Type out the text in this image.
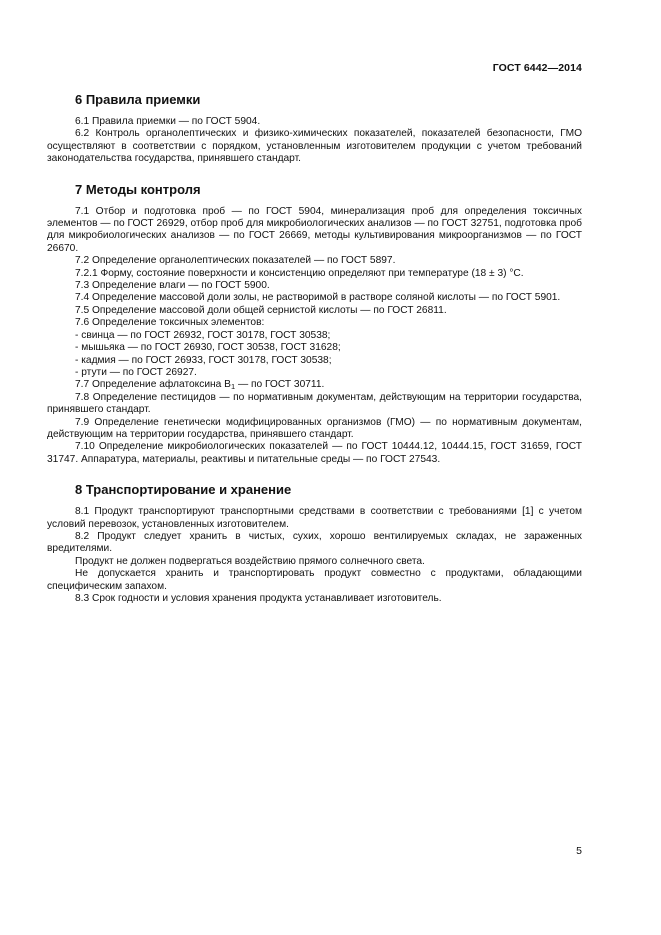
ГОСТ 6442—2014
6 Правила приемки

6.1 Правила приемки — по ГОСТ 5904.

6.2 Контроль органолептических и физико-химических показателей, показателей безопасности, ГМО осуществляют в соответствии с порядком, установленным изготовителем продукции с учетом требований законодательства государства, принявшего стандарт.

7 Методы контроля

7.1 Отбор и подготовка проб — по ГОСТ 5904, минерализация проб для определения токсичных элементов — по ГОСТ 26929, отбор проб для микробиологических анализов — по ГОСТ 32751, подготовка проб для микробиологических анализов — по ГОСТ 26669, методы культивирования микроорганизмов — по ГОСТ 26670.

7.2 Определение органолептических показателей — по ГОСТ 5897.

7.2.1 Форму, состояние поверхности и консистенцию определяют при температуре (18 ± 3) °С.

7.3 Определение влаги — по ГОСТ 5900.

7.4 Определение массовой доли золы, не растворимой в растворе соляной кислоты — по ГОСТ 5901.

7.5 Определение массовой доли общей сернистой кислоты — по ГОСТ 26811.

7.6 Определение токсичных элементов:

- свинца — по ГОСТ 26932, ГОСТ 30178, ГОСТ 30538;

- мышьяка — по ГОСТ 26930, ГОСТ 30538, ГОСТ 31628;

- кадмия — по ГОСТ 26933, ГОСТ 30178, ГОСТ 30538;

- ртути — по ГОСТ 26927.

7.7 Определение афлатоксина $В_1$ — по ГОСТ 30711.

7.8 Определение пестицидов — по нормативным документам, действующим на территории государства, принявшего стандарт.

7.9 Определение генетически модифицированных организмов (ГМО) — по нормативным документам, действующим на территории государства, принявшего стандарт.

7.10 Определение микробиологических показателей — по ГОСТ 10444.12, 10444.15, ГОСТ 31659, ГОСТ 31747. Аппаратура, материалы, реактивы и питательные среды — по ГОСТ 27543.

8 Транспортирование и хранение

8.1 Продукт транспортируют транспортными средствами в соответствии с требованиями [1] с учетом условий перевозок, установленных изготовителем.

8.2 Продукт следует хранить в чистых, сухих, хорошо вентилируемых складах, не зараженных вредителями.

Продукт не должен подвергаться воздействию прямого солнечного света.

Не допускается хранить и транспортировать продукт совместно с продуктами, обладающими специфическим запахом.

8.3 Срок годности и условия хранения продукта устанавливает изготовитель.

5
